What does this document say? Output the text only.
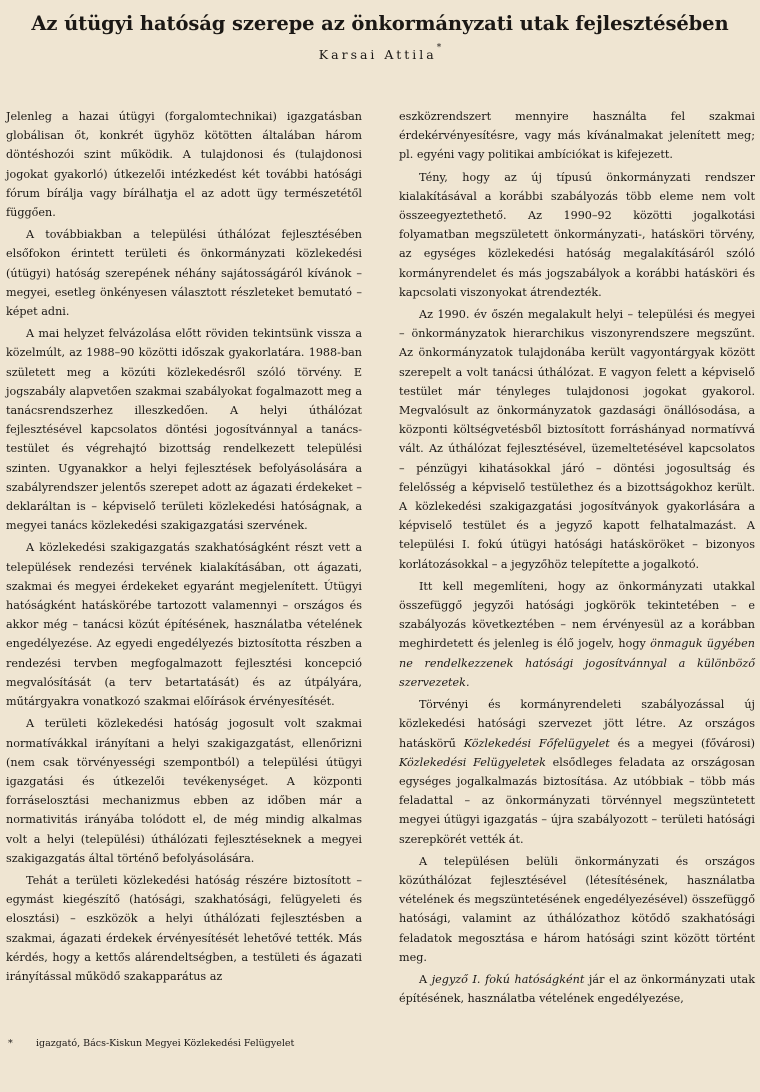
Az útügyi hatóság szerepe az önkormányzati utak fejlesztésében
Karsai Attila*

Jelenleg a hazai útügyi (forgalomtechnikai) igazgatásban globálisan őt, konkrét ügyhöz kötötten általában három döntéshozói szint működik. A tulajdonosi és (tulajdonosi jogokat gyakorló) útkezelői intézkedést két további hatósági fórum bírálja vagy bírálhatja el az adott ügy természetétől függően.

A továbbiakban a települési úthálózat fejlesztésében elsőfokon érintett területi és önkormányzati közlekedési (útügyi) hatóság szerepének néhány sajátosságáról kívánok – megyei, esetleg önkényesen választott részleteket bemutató – képet adni.

A mai helyzet felvázolása előtt röviden tekintsünk vissza a közelmúlt, az 1988–90 közötti időszak gyakorlatára. 1988-ban született meg a közúti közlekedésről szóló törvény. E jogszabály alapvetően szakmai szabályokat fogalmazott meg a tanácsrendszerhez illeszkedően. A helyi úthálózat fejlesztésével kapcsolatos döntési jogosítvánnyal a tanács-testület és végrehajtó bizottság rendelkezett települési szinten. Ugyanakkor a helyi fejlesztések befolyásolására a szabályrendszer jelentős szerepet adott az ágazati érdekeket – deklaráltan is – képviselő területi közlekedési hatóságnak, a megyei tanács közlekedési szakigazgatási szervének.

A közlekedési szakigazgatás szakhatóságként részt vett a települések rendezési tervének kialakításában, ott ágazati, szakmai és megyei érdekeket egyaránt megjelenített. Útügyi hatóságként hatáskörébe tartozott valamennyi – országos és akkor még – tanácsi közút építésének, használatba vételének engedélyezése. Az egyedi engedélyezés biztosította részben a rendezési tervben megfogalmazott fejlesztési koncepció megvalósítását (a terv betartatását) és az útpályára, műtárgyakra vonatkozó szakmai előírások érvényesítését.

A területi közlekedési hatóság jogosult volt szakmai normatívákkal irányítani a helyi szakigazgatást, ellenőrizni (nem csak törvényességi szempontból) a települési útügyi igazgatási és útkezelői tevékenységet. A központi forráselosztási mechanizmus ebben az időben már a normativitás irányába tolódott el, de még mindig alkalmas volt a helyi (települési) úthálózati fejlesztéseknek a megyei szakigazgatás által történő befolyásolására.

Tehát a területi közlekedési hatóság részére biztosított – egymást kiegészítő (hatósági, szakhatósági, felügyeleti és elosztási) – eszközök a helyi úthálózati fejlesztésben a szakmai, ágazati érdekek érvényesítését lehetővé tették. Más kérdés, hogy a kettős alárendeltségben, a testületi és ágazati irányítással működő szakapparátus az

eszközrendszert mennyire használta fel szakmai érdekérvényesítésre, vagy más kívánalmakat jelenített meg; pl. egyéni vagy politikai ambíciókat is kifejezett.

Tény, hogy az új típusú önkormányzati rendszer kialakításával a korábbi szabályozás több eleme nem volt összeegyeztethető. Az 1990–92 közötti jogalkotási folyamatban megszületett önkormányzati-, hatásköri törvény, az egységes közlekedési hatóság megalakításáról szóló kormányrendelet és más jogszabályok a korábbi hatásköri és kapcsolati viszonyokat átrendezték.

Az 1990. év őszén megalakult helyi – települési és megyei – önkormányzatok hierarchikus viszonyrendszere megszűnt. Az önkormányzatok tulajdonába került vagyontárgyak között szerepelt a volt tanácsi úthálózat. E vagyon felett a képviselő testület már tényleges tulajdonosi jogokat gyakorol. Megvalósult az önkormányzatok gazdasági önállósodása, a központi költségvetésből biztosított forráshányad normatívvá vált. Az úthálózat fejlesztésével, üzemeltetésével kapcsolatos – pénzügyi kihatásokkal járó – döntési jogosultság és felelősség a képviselő testülethez és a bizottságokhoz került. A közlekedési szakigazgatási jogosítványok gyakorlására a képviselő testület és a jegyző kapott felhatalmazást. A települési I. fokú útügyi hatósági hatásköröket – bizonyos korlátozásokkal – a jegyzőhöz telepítette a jogalkotó.

Itt kell megemlíteni, hogy az önkormányzati utakkal összefüggő jegyzői hatósági jogkörök tekintetében – e szabályozás következtében – nem érvényesül az a korábban meghirdetett és jelenleg is élő jogelv, hogy önmaguk ügyében ne rendelkezzenek hatósági jogosítvánnyal a különböző szervezetek.

Törvényi és kormányrendeleti szabályozással új közlekedési hatósági szervezet jött létre. Az országos hatáskörű Közlekedési Főfelügyelet és a megyei (fővárosi) Közlekedési Felügyeletek elsődleges feladata az országosan egységes jogalkalmazás biztosítása. Az utóbbiak – több más feladattal – az önkormányzati törvénnyel megszüntetett megyei útügyi igazgatás – újra szabályozott – területi hatósági szerepkörét vették át.

A településen belüli önkormányzati és országos közúthálózat fejlesztésével (létesítésének, használatba vételének és megszüntetésének engedélyezésével) összefüggő hatósági, valamint az úthálózathoz kötődő szakhatósági feladatok megosztása e három hatósági szint között történt meg.

A jegyző I. fokú hatóságként jár el az önkormányzati utak építésének, használatba vételének engedélyezése,

* igazgató, Bács-Kiskun Megyei Közlekedési Felügyelet
